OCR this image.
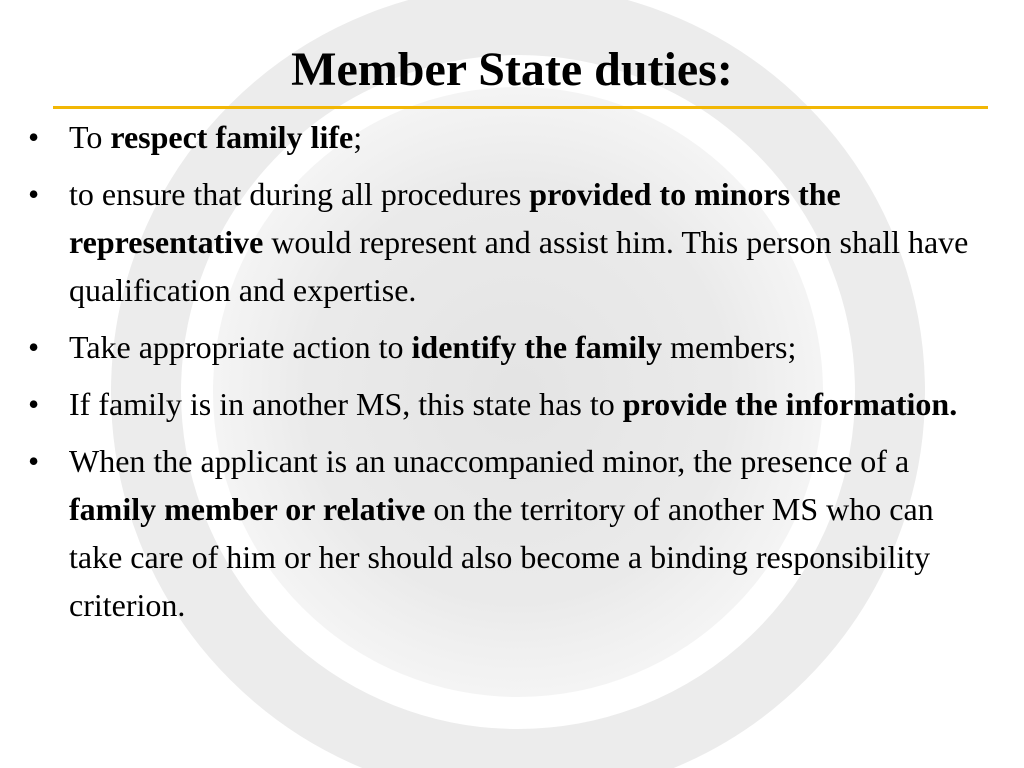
Member State duties:
• To respect family life;
• to ensure that during all procedures provided to minors the representative would represent and assist him. This person shall have qualification and expertise.
• Take appropriate action to identify the family members;
• If family is in another MS, this state has to provide the information.
• When the applicant is an unaccompanied minor, the presence of a family member or relative on the territory of another MS who can take care of him or her should also become a binding responsibility criterion.
